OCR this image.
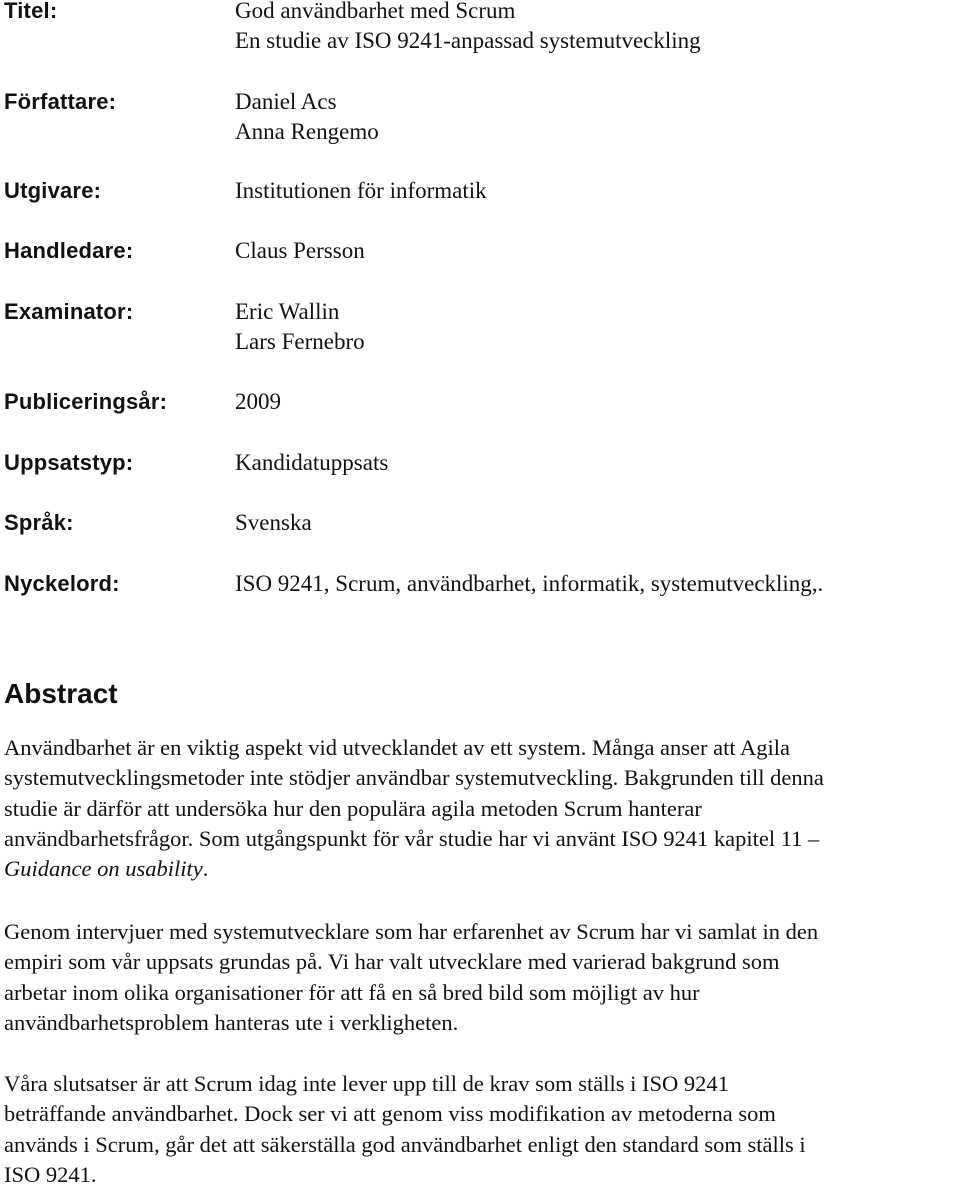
Titel:	God användbarhet med Scrum
En studie av ISO 9241-anpassad systemutveckling
Författare:	Daniel Acs
Anna Rengemo
Utgivare:	Institutionen för informatik
Handledare:	Claus Persson
Examinator:	Eric Wallin
Lars Fernebro
Publiceringsår:	2009
Uppsatstyp:	Kandidatuppsats
Språk:	Svenska
Nyckelord:	ISO 9241, Scrum, användbarhet, informatik, systemutveckling,.
Abstract
Användbarhet är en viktig aspekt vid utvecklandet av ett system. Många anser att Agila
systemutvecklingsmetoder inte stödjer användbar systemutveckling. Bakgrunden till denna
studie är därför att undersöka hur den populära agila metoden Scrum hanterar
användbarhetsfrågor. Som utgångspunkt för vår studie har vi använt ISO 9241 kapitel 11 –
Guidance on usability.
Genom intervjuer med systemutvecklare som har erfarenhet av Scrum har vi samlat in den
empiri som vår uppsats grundas på. Vi har valt utvecklare med varierad bakgrund som
arbetar inom olika organisationer för att få en så bred bild som möjligt av hur
användbarhetsproblem hanteras ute i verkligheten.
Våra slutsatser är att Scrum idag inte lever upp till de krav som ställs i ISO 9241
beträffande användbarhet. Dock ser vi att genom viss modifikation av metoderna som
används i Scrum, går det att säkerställa god användbarhet enligt den standard som ställs i
ISO 9241.
